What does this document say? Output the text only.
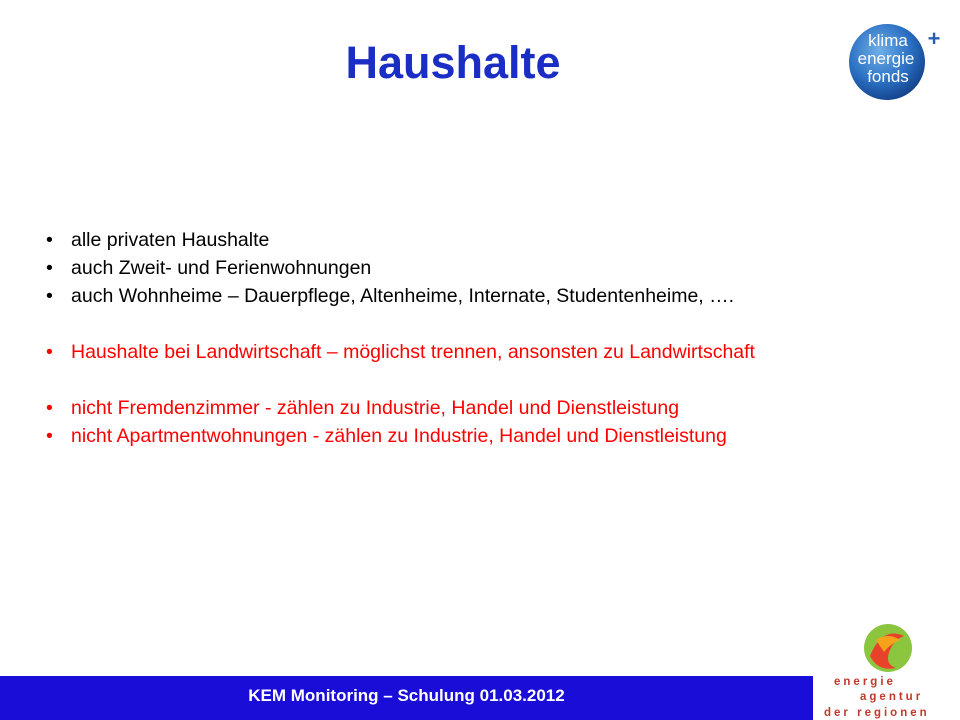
Haushalte	klima
energie
fonds
+
• alle privaten Haushalte
• auch Zweit- und Ferienwohnungen
• auch Wohnheime – Dauerpflege, Altenheime, Internate, Studentenheime, ….
• Haushalte bei Landwirtschaft – möglichst trennen, ansonsten zu Landwirtschaft
• nicht Fremdenzimmer - zählen zu Industrie, Handel und Dienstleistung
• nicht Apartmentwohnungen - zählen zu Industrie, Handel und Dienstleistung
KEM Monitoring – Schulung 01.03.2012
energie
agentur
der regionen
